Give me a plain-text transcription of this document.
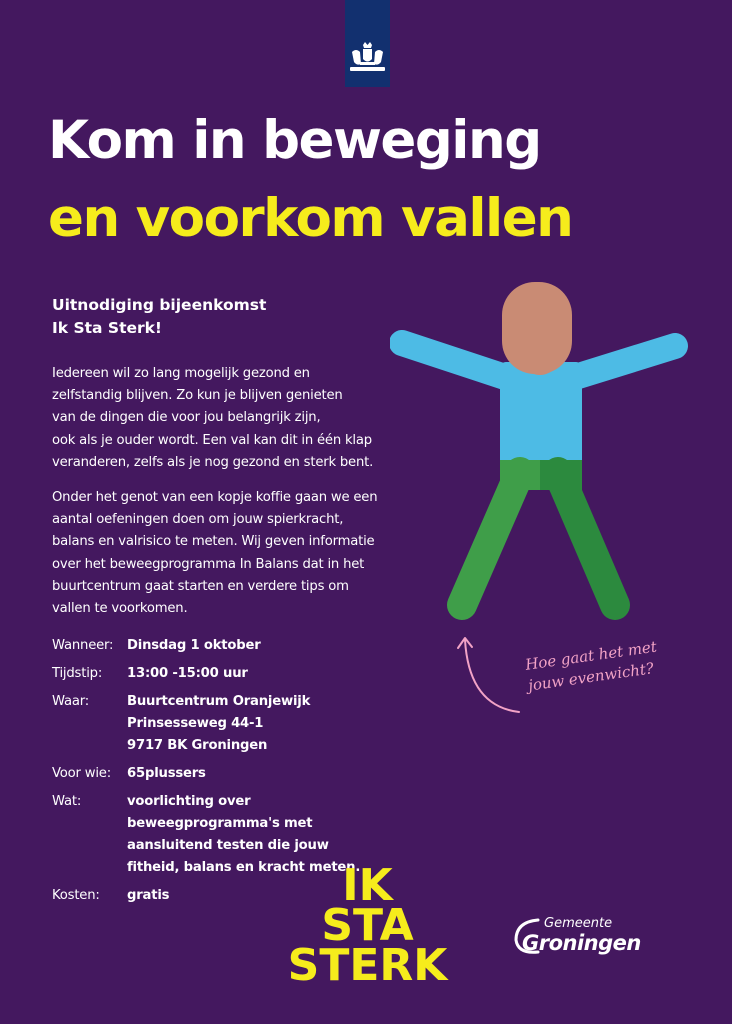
Kom in beweging
en voorkom vallen
Uitnodiging bijeenkomst
Ik Sta Sterk!

Iedereen wil zo lang mogelijk gezond en
zelfstandig blijven. Zo kun je blijven genieten
van de dingen die voor jou belangrijk zijn,
ook als je ouder wordt. Een val kan dit in één klap
veranderen, zelfs als je nog gezond en sterk bent.

Onder het genot van een kopje koffie gaan we een
aantal oefeningen doen om jouw spierkracht,
balans en valrisico te meten. Wij geven informatie
over het beweegprogramma In Balans dat in het
buurtcentrum gaat starten en verdere tips om
vallen te voorkomen.

Wanneer:	Dinsdag 1 oktober
Tijdstip:	13:00 -15:00 uur
Waar:	Buurtcentrum Oranjewijk
Prinsesseweg 44-1
9717 BK Groningen
Voor wie:	65plussers
Wat:	voorlichting over
beweegprogramma's met
aansluitend testen die jouw
fitheid, balans en kracht meten.
Kosten:	gratis

Hoe gaat het met
jouw evenwicht?

IK
STA
STERK
Gemeente
Groningen
